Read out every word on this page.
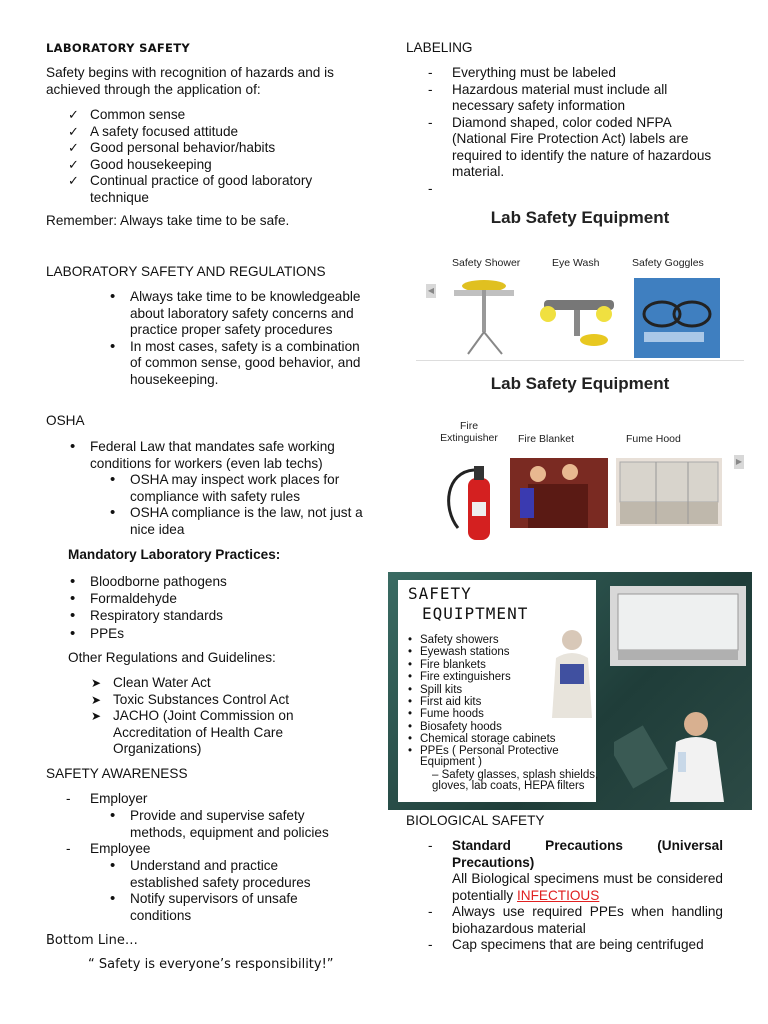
LABORATORY SAFETY

Safety begins with recognition of hazards and is achieved through the application of:

✓ Common sense
✓ A safety focused attitude
✓ Good personal behavior/habits
✓ Good housekeeping
✓ Continual practice of good laboratory technique

Remember: Always take time to be safe.

LABORATORY SAFETY AND REGULATIONS

• Always take time to be knowledgeable about laboratory safety concerns and practice proper safety procedures
• In most cases, safety is a combination of common sense, good behavior, and housekeeping.

OSHA

• Federal Law that mandates safe working conditions for workers (even lab techs)
• OSHA may inspect work places for compliance with safety rules
• OSHA compliance is the law, not just a nice idea

Mandatory Laboratory Practices:

• Bloodborne pathogens
• Formaldehyde
• Respiratory standards
• PPEs

Other Regulations and Guidelines:

➤ Clean Water Act
➤ Toxic Substances Control Act
➤ JACHO (Joint Commission on Accreditation of Health Care Organizations)

SAFETY AWARENESS

- Employer
• Provide and supervise safety methods, equipment and policies
- Employee
• Understand and practice established safety procedures
• Notify supervisors of unsafe conditions

Bottom Line…

“ Safety is everyone’s responsibility!”

LABELING

- Everything must be labeled
- Hazardous material must include all necessary safety information
- Diamond shaped, color coded NFPA (National Fire Protection Act) labels are required to identify the nature of hazardous material.
-
Lab Safety Equipment
Safety Shower	Eye Wash	Safety Goggles
◀
Lab Safety Equipment
Fire Extinguisher	Fire Blanket	Fume Hood
▶
SAFETY
EQUIPTMENT
• Safety showers
• Eyewash stations
• Fire blankets
• Fire extinguishers
• Spill kits
• First aid kits
• Fume hoods
• Biosafety hoods
• Chemical storage cabinets
• PPEs ( Personal Protective Equipment )
– Safety glasses, splash shields, gloves, lab coats, HEPA filters

BIOLOGICAL SAFETY

- Standard Precautions (Universal Precautions)
All Biological specimens must be considered potentially INFECTIOUS
- Always use required PPEs when handling biohazardous material
- Cap specimens that are being centrifuged
